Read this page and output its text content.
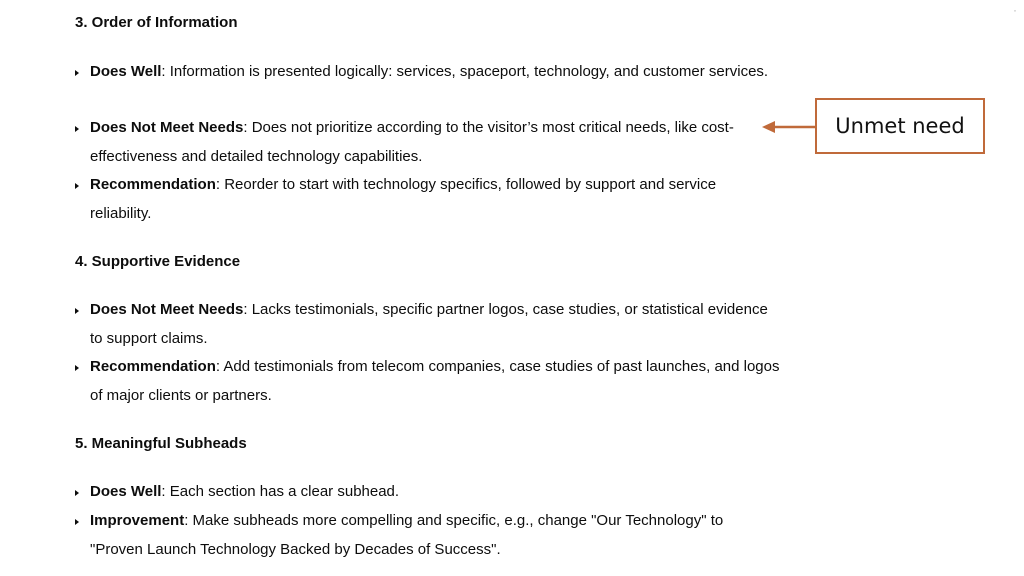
3. Order of Information
Does Well: Information is presented logically: services, spaceport, technology, and customer services.
Does Not Meet Needs: Does not prioritize according to the visitor’s most critical needs, like cost-effectiveness and detailed technology capabilities.
Recommendation: Reorder to start with technology specifics, followed by support and service reliability.
4. Supportive Evidence
Does Not Meet Needs: Lacks testimonials, specific partner logos, case studies, or statistical evidence to support claims.
Recommendation: Add testimonials from telecom companies, case studies of past launches, and logos of major clients or partners.
5. Meaningful Subheads
Does Well: Each section has a clear subhead.
Improvement: Make subheads more compelling and specific, e.g., change "Our Technology" to "Proven Launch Technology Backed by Decades of Success".
Unmet need
·
